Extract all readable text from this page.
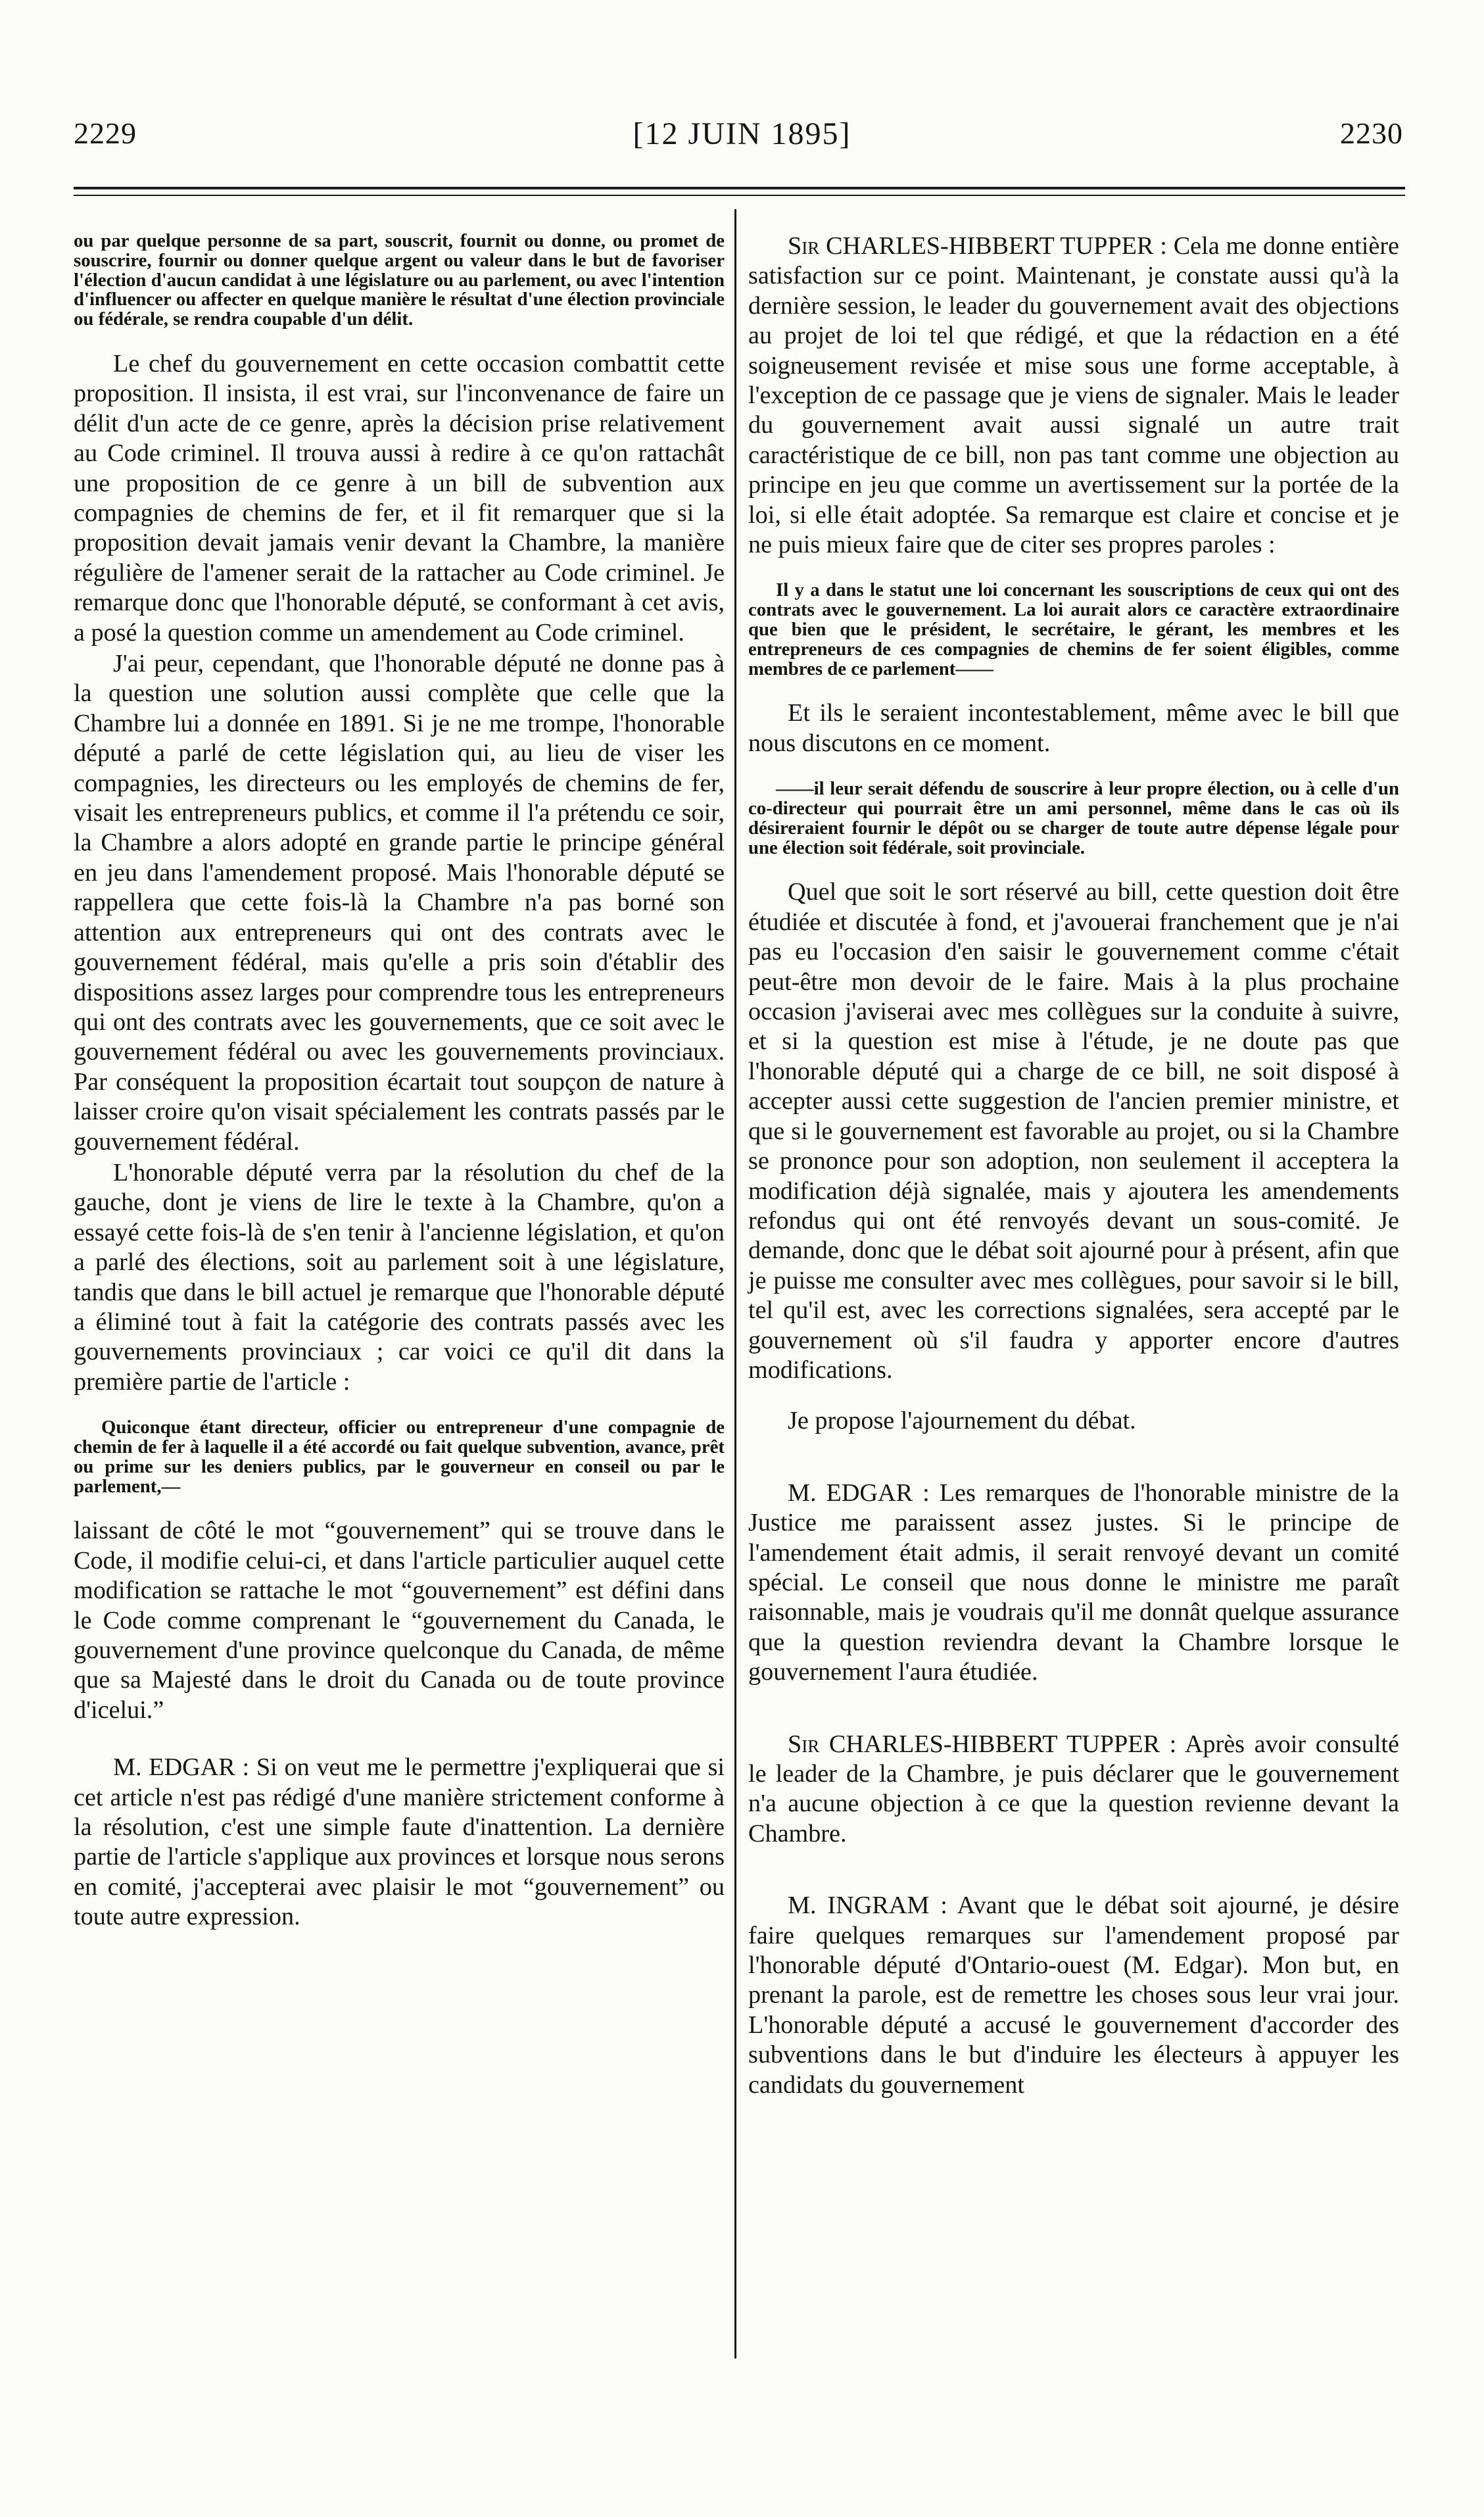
2229	[12 JUIN 1895]	2230

ou par quelque personne de sa part, souscrit, fournit ou donne, ou promet de souscrire, fournir ou donner quelque argent ou valeur dans le but de favoriser l'élection d'aucun candidat à une législature ou au parlement, ou avec l'intention d'influencer ou affecter en quelque manière le résultat d'une élection provinciale ou fédérale, se rendra coupable d'un délit.

Le chef du gouvernement en cette occasion combattit cette proposition. Il insista, il est vrai, sur l'inconvenance de faire un délit d'un acte de ce genre, après la décision prise relativement au Code criminel. Il trouva aussi à redire à ce qu'on rattachât une proposition de ce genre à un bill de subvention aux compagnies de chemins de fer, et il fit remarquer que si la proposition devait jamais venir devant la Chambre, la manière régulière de l'amener serait de la rattacher au Code criminel. Je remarque donc que l'honorable député, se conformant à cet avis, a posé la question comme un amendement au Code criminel.

J'ai peur, cependant, que l'honorable député ne donne pas à la question une solution aussi complète que celle que la Chambre lui a donnée en 1891. Si je ne me trompe, l'honorable député a parlé de cette législation qui, au lieu de viser les compagnies, les directeurs ou les employés de chemins de fer, visait les entrepreneurs publics, et comme il l'a prétendu ce soir, la Chambre a alors adopté en grande partie le principe général en jeu dans l'amendement proposé. Mais l'honorable député se rappellera que cette fois-là la Chambre n'a pas borné son attention aux entrepreneurs qui ont des contrats avec le gouvernement fédéral, mais qu'elle a pris soin d'établir des dispositions assez larges pour comprendre tous les entrepreneurs qui ont des contrats avec les gouvernements, que ce soit avec le gouvernement fédéral ou avec les gouvernements provinciaux. Par conséquent la proposition écartait tout soupçon de nature à laisser croire qu'on visait spécialement les contrats passés par le gouvernement fédéral.

L'honorable député verra par la résolution du chef de la gauche, dont je viens de lire le texte à la Chambre, qu'on a essayé cette fois-là de s'en tenir à l'ancienne législation, et qu'on a parlé des élections, soit au parlement soit à une législature, tandis que dans le bill actuel je remarque que l'honorable député a éliminé tout à fait la catégorie des contrats passés avec les gouvernements provinciaux ; car voici ce qu'il dit dans la première partie de l'article :

Quiconque étant directeur, officier ou entrepreneur d'une compagnie de chemin de fer à laquelle il a été accordé ou fait quelque subvention, avance, prêt ou prime sur les deniers publics, par le gouverneur en conseil ou par le parlement,—

laissant de côté le mot “gouvernement” qui se trouve dans le Code, il modifie celui-ci, et dans l'article particulier auquel cette modification se rattache le mot “gouvernement” est défini dans le Code comme comprenant le “gouvernement du Canada, le gouvernement d'une province quelconque du Canada, de même que sa Majesté dans le droit du Canada ou de toute province d'icelui.”

M. EDGAR : Si on veut me le permettre j'expliquerai que si cet article n'est pas rédigé d'une manière strictement conforme à la résolution, c'est une simple faute d'inattention. La dernière partie de l'article s'applique aux provinces et lorsque nous serons en comité, j'accepterai avec plaisir le mot “gouvernement” ou toute autre expression.

Sir CHARLES-HIBBERT TUPPER : Cela me donne entière satisfaction sur ce point. Maintenant, je constate aussi qu'à la dernière session, le leader du gouvernement avait des objections au projet de loi tel que rédigé, et que la rédaction en a été soigneusement revisée et mise sous une forme acceptable, à l'exception de ce passage que je viens de signaler. Mais le leader du gouvernement avait aussi signalé un autre trait caractéristique de ce bill, non pas tant comme une objection au principe en jeu que comme un avertissement sur la portée de la loi, si elle était adoptée. Sa remarque est claire et concise et je ne puis mieux faire que de citer ses propres paroles :

Il y a dans le statut une loi concernant les souscriptions de ceux qui ont des contrats avec le gouvernement. La loi aurait alors ce caractère extraordinaire que bien que le président, le secrétaire, le gérant, les membres et les entrepreneurs de ces compagnies de chemins de fer soient éligibles, comme membres de ce parlement——

Et ils le seraient incontestablement, même avec le bill que nous discutons en ce moment.

——il leur serait défendu de souscrire à leur propre élection, ou à celle d'un co-directeur qui pourrait être un ami personnel, même dans le cas où ils désireraient fournir le dépôt ou se charger de toute autre dépense légale pour une élection soit fédérale, soit provinciale.

Quel que soit le sort réservé au bill, cette question doit être étudiée et discutée à fond, et j'avouerai franchement que je n'ai pas eu l'occasion d'en saisir le gouvernement comme c'était peut-être mon devoir de le faire. Mais à la plus prochaine occasion j'aviserai avec mes collègues sur la conduite à suivre, et si la question est mise à l'étude, je ne doute pas que l'honorable député qui a charge de ce bill, ne soit disposé à accepter aussi cette suggestion de l'ancien premier ministre, et que si le gouvernement est favorable au projet, ou si la Chambre se prononce pour son adoption, non seulement il acceptera la modification déjà signalée, mais y ajoutera les amendements refondus qui ont été renvoyés devant un sous-comité. Je demande, donc que le débat soit ajourné pour à présent, afin que je puisse me consulter avec mes collègues, pour savoir si le bill, tel qu'il est, avec les corrections signalées, sera accepté par le gouvernement où s'il faudra y apporter encore d'autres modifications.

Je propose l'ajournement du débat.

M. EDGAR : Les remarques de l'honorable ministre de la Justice me paraissent assez justes. Si le principe de l'amendement était admis, il serait renvoyé devant un comité spécial. Le conseil que nous donne le ministre me paraît raisonnable, mais je voudrais qu'il me donnât quelque assurance que la question reviendra devant la Chambre lorsque le gouvernement l'aura étudiée.

Sir CHARLES-HIBBERT TUPPER : Après avoir consulté le leader de la Chambre, je puis déclarer que le gouvernement n'a aucune objection à ce que la question revienne devant la Chambre.

M. INGRAM : Avant que le débat soit ajourné, je désire faire quelques remarques sur l'amendement proposé par l'honorable député d'Ontario-ouest (M. Edgar). Mon but, en prenant la parole, est de remettre les choses sous leur vrai jour. L'honorable député a accusé le gouvernement d'accorder des subventions dans le but d'induire les électeurs à appuyer les candidats du gouvernement
